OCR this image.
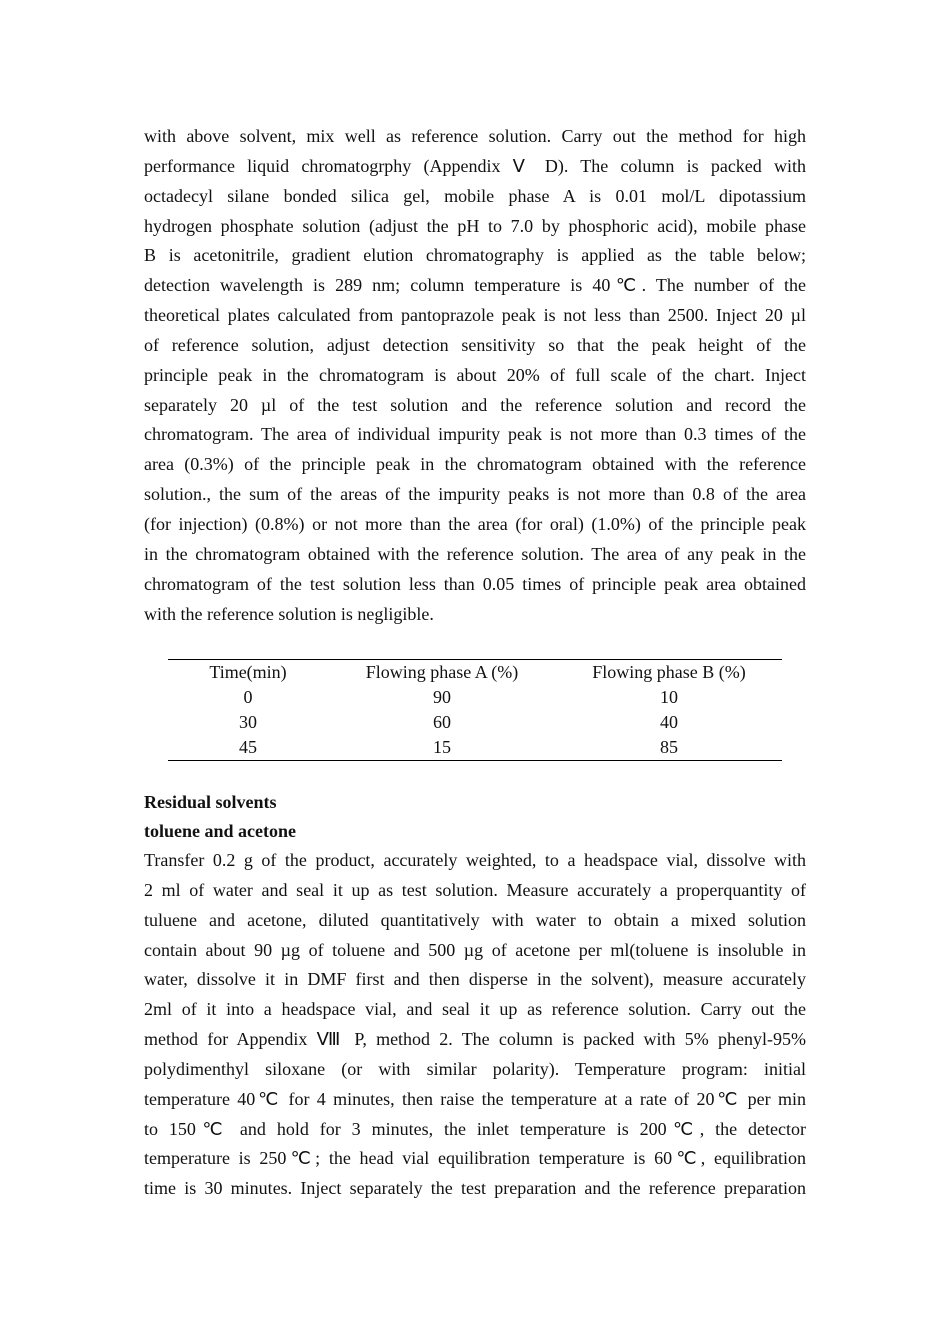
with above solvent, mix well as reference solution. Carry out the method for high
performance liquid chromatogrphy (Appendix Ⅴ D). The column is packed with
octadecyl silane bonded silica gel, mobile phase A is 0.01 mol/L dipotassium
hydrogen phosphate solution (adjust the pH to 7.0 by phosphoric acid), mobile phase
B is acetonitrile, gradient elution chromatography is applied as the table below;
detection wavelength is 289 nm; column temperature is 40℃. The number of the
theoretical plates calculated from pantoprazole peak is not less than 2500. Inject 20 µl
of reference solution, adjust detection sensitivity so that the peak height of the
principle peak in the chromatogram is about 20% of full scale of the chart. Inject
separately 20 µl of the test solution and the reference solution and record the
chromatogram. The area of individual impurity peak is not more than 0.3 times of the
area (0.3%) of the principle peak in the chromatogram obtained with the reference
solution., the sum of the areas of the impurity peaks is not more than 0.8 of the area
(for injection) (0.8%) or not more than the area (for oral) (1.0%) of the principle peak
in the chromatogram obtained with the reference solution. The area of any peak in the
chromatogram of the test solution less than 0.05 times of principle peak area obtained
with the reference solution is negligible.
Time(min)	Flowing phase A (%)	Flowing phase B (%)
0	90	10
30	60	40
45	15	85
Residual solvents
toluene and acetone
Transfer 0.2 g of the product, accurately weighted, to a headspace vial, dissolve with
2 ml of water and seal it up as test solution. Measure accurately a properquantity of
tuluene and acetone, diluted quantitatively with water to obtain a mixed solution
contain about 90 µg of toluene and 500 µg of acetone per ml(toluene is insoluble in
water, dissolve it in DMF first and then disperse in the solvent), measure accurately
2ml of it into a headspace vial, and seal it up as reference solution. Carry out the
method for Appendix Ⅷ P, method 2. The column is packed with 5% phenyl-95%
polydimenthyl siloxane (or with similar polarity). Temperature program: initial
temperature 40℃ for 4 minutes, then raise the temperature at a rate of 20℃ per min
to 150℃ and hold for 3 minutes, the inlet temperature is 200℃, the detector
temperature is 250℃; the head vial equilibration temperature is 60℃, equilibration
time is 30 minutes. Inject separately the test preparation and the reference preparation
